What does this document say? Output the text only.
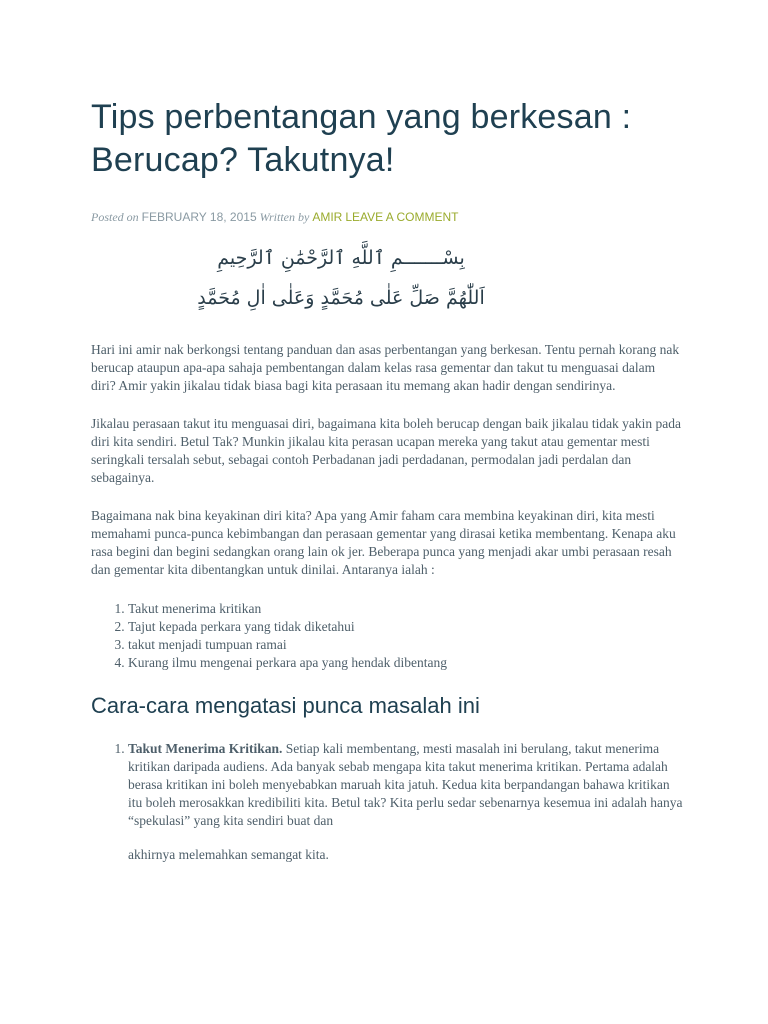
Tips perbentangan yang berkesan : Berucap? Takutnya!
Posted on FEBRUARY 18, 2015 Written by AMIR LEAVE A COMMENT
بِسْـــــــمِ ٱللَّهِ ٱلرَّحْمَٰنِ ٱلرَّحِيمِ
اَللّٰهُمَّ صَلِّ عَلٰى مُحَمَّدٍ وَعَلٰى اٰلِ مُحَمَّدٍ

Hari ini amir nak berkongsi tentang panduan dan asas perbentangan yang berkesan. Tentu pernah korang nak berucap ataupun apa-apa sahaja pembentangan dalam kelas rasa gementar dan takut tu menguasai dalam diri? Amir yakin jikalau tidak biasa bagi kita perasaan itu memang akan hadir dengan sendirinya.

Jikalau perasaan takut itu menguasai diri, bagaimana kita boleh berucap dengan baik jikalau tidak yakin pada diri kita sendiri. Betul Tak? Munkin jikalau kita perasan ucapan mereka yang takut atau gementar mesti seringkali tersalah sebut, sebagai contoh Perbadanan jadi perdadanan, permodalan jadi perdalan dan sebagainya.

Bagaimana nak bina keyakinan diri kita? Apa yang Amir faham cara membina keyakinan diri, kita mesti memahami punca-punca kebimbangan dan perasaan gementar yang dirasai ketika membentang. Kenapa aku rasa begini dan begini sedangkan orang lain ok jer. Beberapa punca yang menjadi akar umbi perasaan resah dan gementar kita dibentangkan untuk dinilai. Antaranya ialah :

1. Takut menerima kritikan
2. Tajut kepada perkara yang tidak diketahui
3. takut menjadi tumpuan ramai
4. Kurang ilmu mengenai perkara apa yang hendak dibentang
Cara-cara mengatasi punca masalah ini
1. Takut Menerima Kritikan. Setiap kali membentang, mesti masalah ini berulang, takut menerima kritikan daripada audiens. Ada banyak sebab mengapa kita takut menerima kritikan. Pertama adalah berasa kritikan ini boleh menyebabkan maruah kita jatuh. Kedua kita berpandangan bahawa kritikan itu boleh merosakkan kredibiliti kita. Betul tak? Kita perlu sedar sebenarnya kesemua ini adalah hanya “spekulasi” yang kita sendiri buat dan
akhirnya melemahkan semangat kita.
